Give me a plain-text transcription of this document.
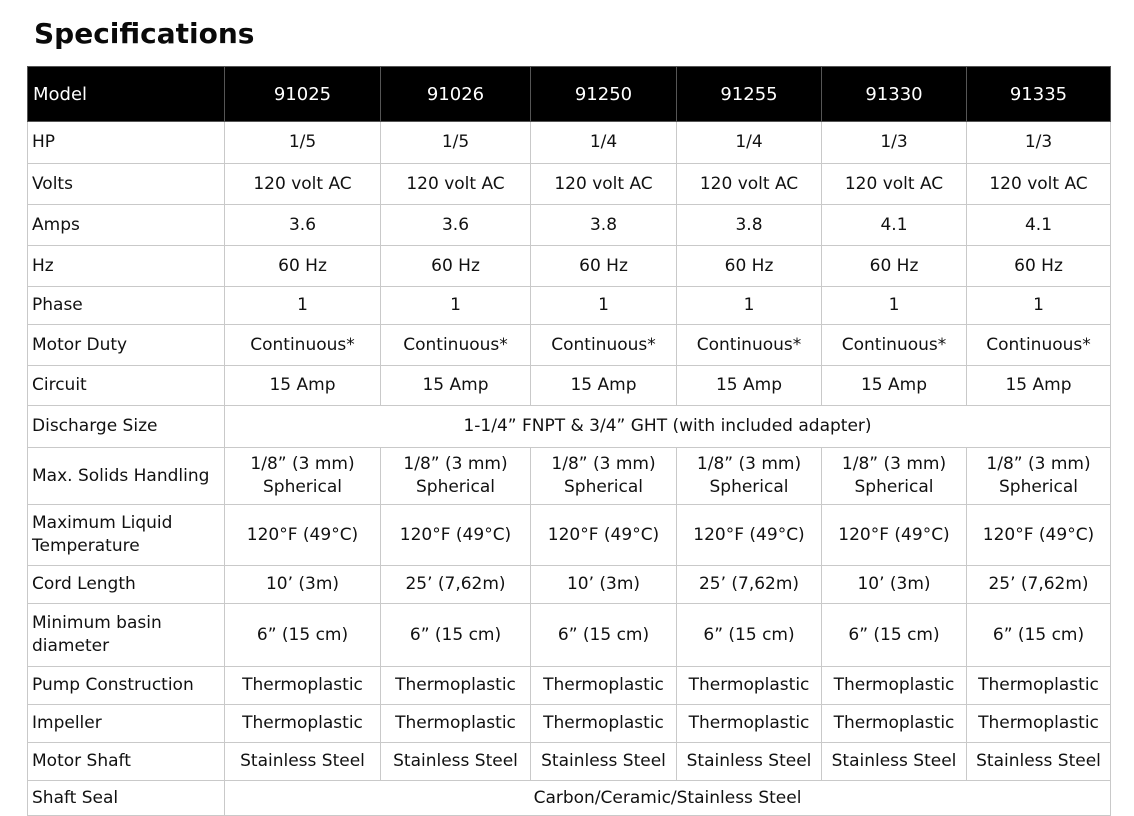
Specifications
Model	91025	91026	91250	91255	91330	91335
HP	1/5	1/5	1/4	1/4	1/3	1/3
Volts	120 volt AC	120 volt AC	120 volt AC	120 volt AC	120 volt AC	120 volt AC
Amps	3.6	3.6	3.8	3.8	4.1	4.1
Hz	60 Hz	60 Hz	60 Hz	60 Hz	60 Hz	60 Hz
Phase	1	1	1	1	1	1
Motor Duty	Continuous*	Continuous*	Continuous*	Continuous*	Continuous*	Continuous*
Circuit	15 Amp	15 Amp	15 Amp	15 Amp	15 Amp	15 Amp
Discharge Size	1-1/4” FNPT & 3/4” GHT (with included adapter)					
Max. Solids Handling	1/8” (3 mm) Spherical	1/8” (3 mm) Spherical	1/8” (3 mm) Spherical	1/8” (3 mm) Spherical	1/8” (3 mm) Spherical	1/8” (3 mm) Spherical
Maximum Liquid Temperature	120°F (49°C)	120°F (49°C)	120°F (49°C)	120°F (49°C)	120°F (49°C)	120°F (49°C)
Cord Length	10’ (3m)	25’ (7,62m)	10’ (3m)	25’ (7,62m)	10’ (3m)	25’ (7,62m)
Minimum basin diameter	6” (15 cm)	6” (15 cm)	6” (15 cm)	6” (15 cm)	6” (15 cm)	6” (15 cm)
Pump Construction	Thermoplastic	Thermoplastic	Thermoplastic	Thermoplastic	Thermoplastic	Thermoplastic
Impeller	Thermoplastic	Thermoplastic	Thermoplastic	Thermoplastic	Thermoplastic	Thermoplastic
Motor Shaft	Stainless Steel	Stainless Steel	Stainless Steel	Stainless Steel	Stainless Steel	Stainless Steel
Shaft Seal	Carbon/Ceramic/Stainless Steel					
